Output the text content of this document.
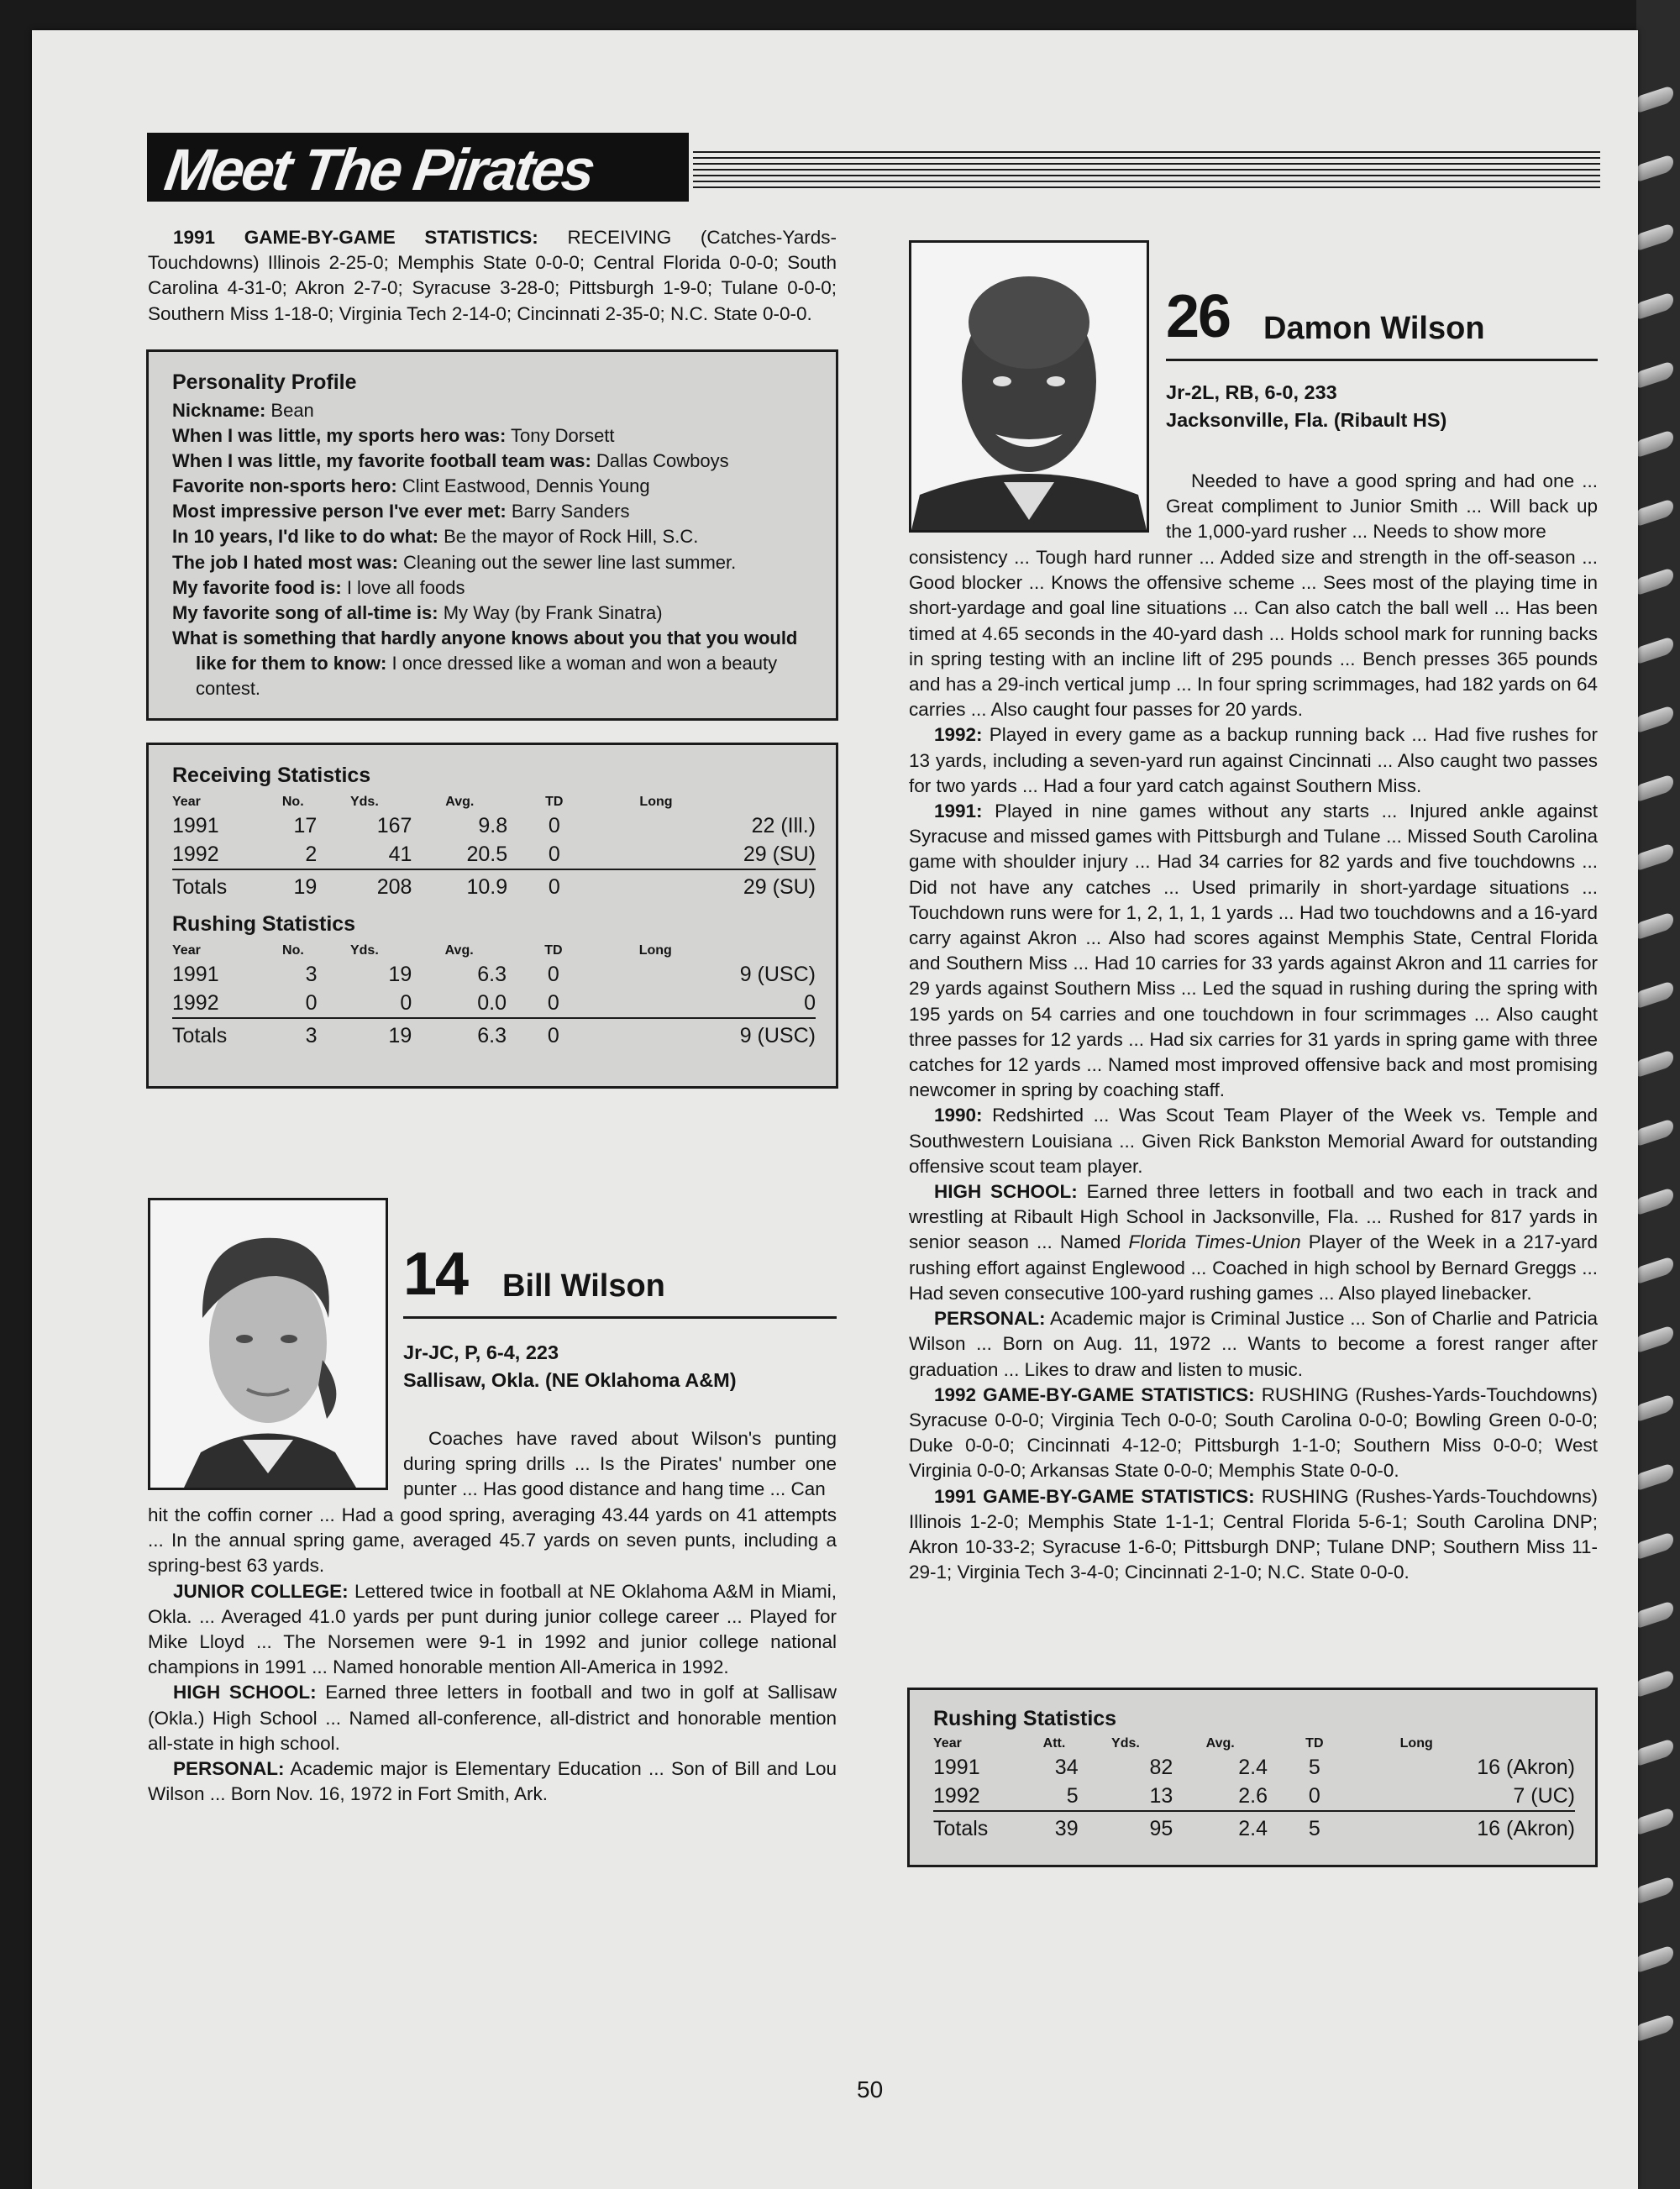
Meet The Pirates

1991 GAME-BY-GAME STATISTICS: RECEIVING (Catches-Yards-Touchdowns) Illinois 2-25-0; Memphis State 0-0-0; Central Florida 0-0-0; South Carolina 4-31-0; Akron 2-7-0; Syracuse 3-28-0; Pittsburgh 1-9-0; Tulane 0-0-0; Southern Miss 1-18-0; Virginia Tech 2-14-0; Cincinnati 2-35-0; N.C. State 0-0-0.

Personality Profile
Nickname: Bean
When I was little, my sports hero was: Tony Dorsett
When I was little, my favorite football team was: Dallas Cowboys
Favorite non-sports hero: Clint Eastwood, Dennis Young
Most impressive person I've ever met: Barry Sanders
In 10 years, I'd like to do what: Be the mayor of Rock Hill, S.C.
The job I hated most was: Cleaning out the sewer line last summer.
My favorite food is: I love all foods
My favorite song of all-time is: My Way (by Frank Sinatra)
What is something that hardly anyone knows about you that you would like for them to know: I once dressed like a woman and won a beauty contest.
Receiving Statistics
Year	No.	Yds.	Avg.	TD	Long
1991	17	167	9.8	0	22 (Ill.)
1992	2	41	20.5	0	29 (SU)
Totals	19	208	10.9	0	29 (SU)
Rushing Statistics
Year	No.	Yds.	Avg.	TD	Long
1991	3	19	6.3	0	9 (USC)
1992	0	0	0.0	0	0
Totals	3	19	6.3	0	9 (USC)
14 Bill Wilson
Jr-JC, P, 6-4, 223
Sallisaw, Okla. (NE Oklahoma A&M)

Coaches have raved about Wilson's punting during spring drills ... Is the Pirates' number one punter ... Has good distance and hang time ... Can

hit the coffin corner ... Had a good spring, averaging 43.44 yards on 41 attempts ... In the annual spring game, averaged 45.7 yards on seven punts, including a spring-best 63 yards.

JUNIOR COLLEGE: Lettered twice in football at NE Oklahoma A&M in Miami, Okla. ... Averaged 41.0 yards per punt during junior college career ... Played for Mike Lloyd ... The Norsemen were 9-1 in 1992 and junior college national champions in 1991 ... Named honorable mention All-America in 1992.

HIGH SCHOOL: Earned three letters in football and two in golf at Sallisaw (Okla.) High School ... Named all-conference, all-district and honorable mention all-state in high school.

PERSONAL: Academic major is Elementary Education ... Son of Bill and Lou Wilson ... Born Nov. 16, 1972 in Fort Smith, Ark.

26 Damon Wilson
Jr-2L, RB, 6-0, 233
Jacksonville, Fla. (Ribault HS)

Needed to have a good spring and had one ... Great compliment to Junior Smith ... Will back up the 1,000-yard rusher ... Needs to show more

consistency ... Tough hard runner ... Added size and strength in the off-season ... Good blocker ... Knows the offensive scheme ... Sees most of the playing time in short-yardage and goal line situations ... Can also catch the ball well ... Has been timed at 4.65 seconds in the 40-yard dash ... Holds school mark for running backs in spring testing with an incline lift of 295 pounds ... Bench presses 365 pounds and has a 29-inch vertical jump ... In four spring scrimmages, had 182 yards on 64 carries ... Also caught four passes for 20 yards.

1992: Played in every game as a backup running back ... Had five rushes for 13 yards, including a seven-yard run against Cincinnati ... Also caught two passes for two yards ... Had a four yard catch against Southern Miss.

1991: Played in nine games without any starts ... Injured ankle against Syracuse and missed games with Pittsburgh and Tulane ... Missed South Carolina game with shoulder injury ... Had 34 carries for 82 yards and five touchdowns ... Did not have any catches ... Used primarily in short-yardage situations ... Touchdown runs were for 1, 2, 1, 1, 1 yards ... Had two touchdowns and a 16-yard carry against Akron ... Also had scores against Memphis State, Central Florida and Southern Miss ... Had 10 carries for 33 yards against Akron and 11 carries for 29 yards against Southern Miss ... Led the squad in rushing during the spring with 195 yards on 54 carries and one touchdown in four scrimmages ... Also caught three passes for 12 yards ... Had six carries for 31 yards in spring game with three catches for 12 yards ... Named most improved offensive back and most promising newcomer in spring by coaching staff.

1990: Redshirted ... Was Scout Team Player of the Week vs. Temple and Southwestern Louisiana ... Given Rick Bankston Memorial Award for outstanding offensive scout team player.

HIGH SCHOOL: Earned three letters in football and two each in track and wrestling at Ribault High School in Jacksonville, Fla. ... Rushed for 817 yards in senior season ... Named Florida Times-Union Player of the Week in a 217-yard rushing effort against Englewood ... Coached in high school by Bernard Greggs ... Had seven consecutive 100-yard rushing games ... Also played linebacker.

PERSONAL: Academic major is Criminal Justice ... Son of Charlie and Patricia Wilson ... Born on Aug. 11, 1972 ... Wants to become a forest ranger after graduation ... Likes to draw and listen to music.

1992 GAME-BY-GAME STATISTICS: RUSHING (Rushes-Yards-Touchdowns) Syracuse 0-0-0; Virginia Tech 0-0-0; South Carolina 0-0-0; Bowling Green 0-0-0; Duke 0-0-0; Cincinnati 4-12-0; Pittsburgh 1-1-0; Southern Miss 0-0-0; West Virginia 0-0-0; Arkansas State 0-0-0; Memphis State 0-0-0.

1991 GAME-BY-GAME STATISTICS: RUSHING (Rushes-Yards-Touchdowns) Illinois 1-2-0; Memphis State 1-1-1; Central Florida 5-6-1; South Carolina DNP; Akron 10-33-2; Syracuse 1-6-0; Pittsburgh DNP; Tulane DNP; Southern Miss 11-29-1; Virginia Tech 3-4-0; Cincinnati 2-1-0; N.C. State 0-0-0.

Rushing Statistics
Year	Att.	Yds.	Avg.	TD	Long
1991	34	82	2.4	5	16 (Akron)
1992	5	13	2.6	0	7 (UC)
Totals	39	95	2.4	5	16 (Akron)
50
